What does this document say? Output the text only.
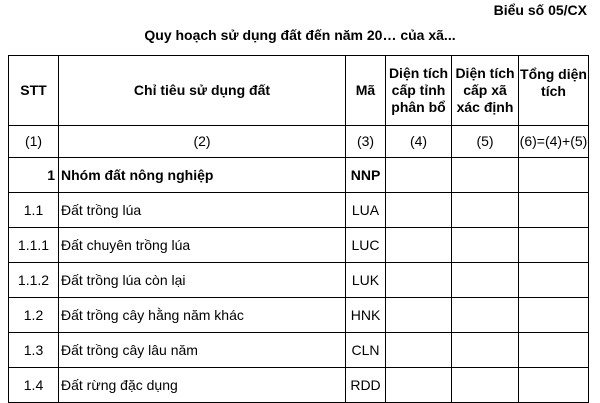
Biểu số 05/CX
Quy hoạch sử dụng đất đến năm 20… của xã...
STT	Chỉ tiêu sử dụng đất	Mã	Diện tích cấp tỉnh phân bổ	Diện tích cấp xã xác định	Tổng diện tích
(1)	(2)	(3)	(4)	(5)	(6)=(4)+(5)
1	Nhóm đất nông nghiệp	NNP			
1.1	Đất trồng lúa	LUA			
1.1.1	Đất chuyên trồng lúa	LUC			
1.1.2	Đất trồng lúa còn lại	LUK			
1.2	Đất trồng cây hằng năm khác	HNK			
1.3	Đất trồng cây lâu năm	CLN			
1.4	Đất rừng đặc dụng	RDD			
